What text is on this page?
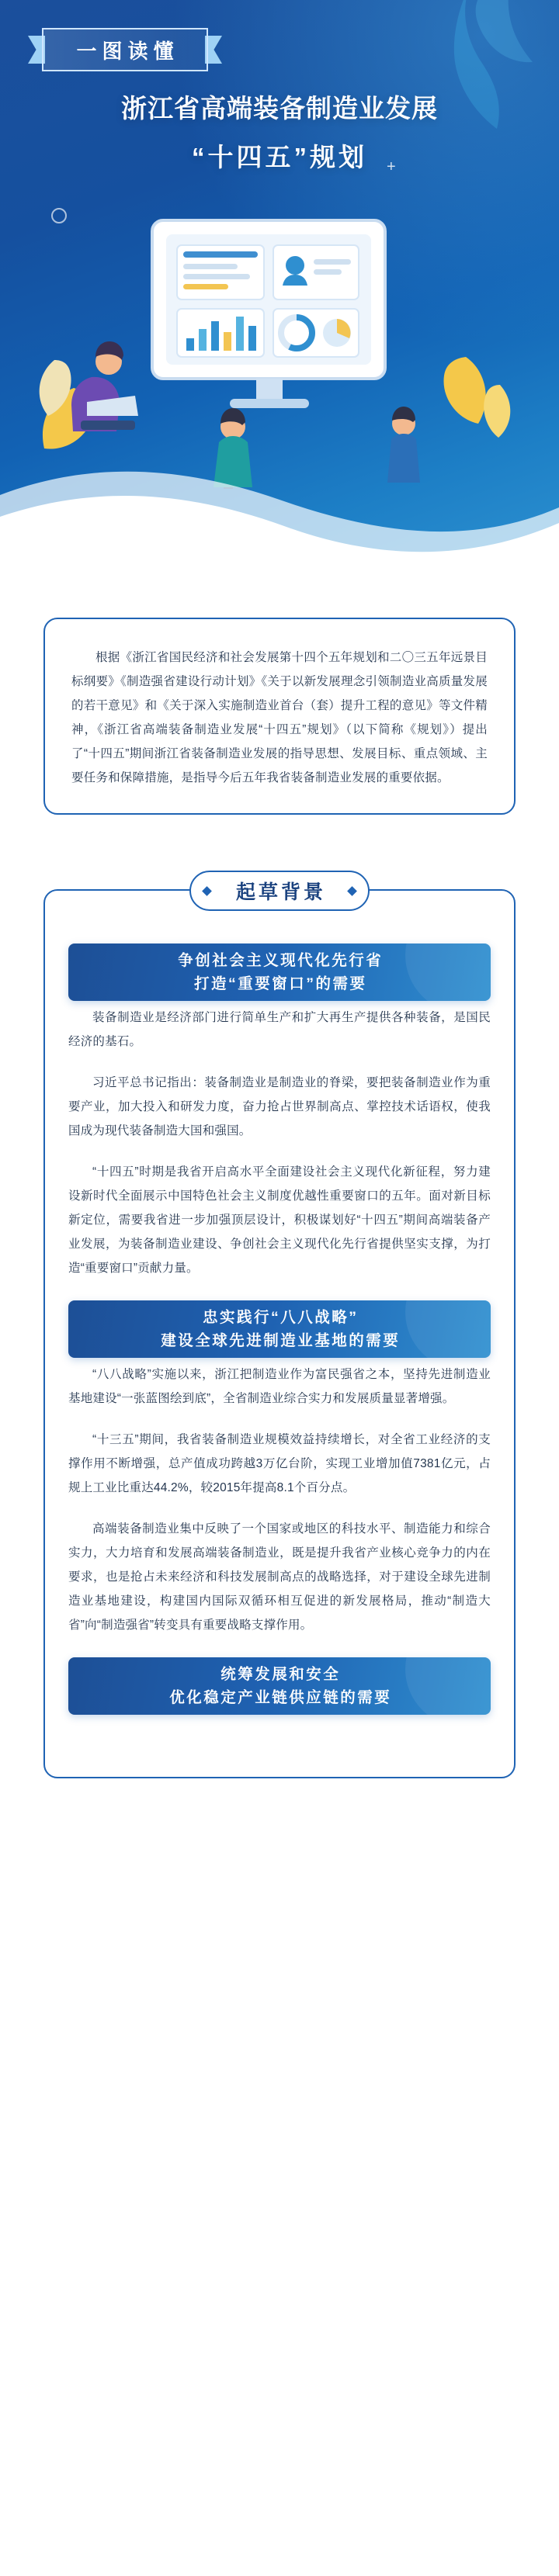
+
一图读懂
浙江省高端装备制造业发展
“十四五”规划

根据《浙江省国民经济和社会发展第十四个五年规划和二〇三五年远景目标纲要》《制造强省建设行动计划》《关于以新发展理念引领制造业高质量发展的若干意见》和《关于深入实施制造业首台（套）提升工程的意见》等文件精神，《浙江省高端装备制造业发展“十四五”规划》（以下简称《规划》）提出了“十四五”期间浙江省装备制造业发展的指导思想、发展目标、重点领域、主要任务和保障措施，是指导今后五年我省装备制造业发展的重要依据。

起草背景
争创社会主义现代化先行省
打造“重要窗口”的需要

装备制造业是经济部门进行简单生产和扩大再生产提供各种装备，是国民经济的基石。

习近平总书记指出：装备制造业是制造业的脊梁，要把装备制造业作为重要产业，加大投入和研发力度，奋力抢占世界制高点、掌控技术话语权，使我国成为现代装备制造大国和强国。

“十四五”时期是我省开启高水平全面建设社会主义现代化新征程，努力建设新时代全面展示中国特色社会主义制度优越性重要窗口的五年。面对新目标新定位，需要我省进一步加强顶层设计，积极谋划好“十四五”期间高端装备产业发展，为装备制造业建设、争创社会主义现代化先行省提供坚实支撑，为打造“重要窗口”贡献力量。

忠实践行“八八战略”
建设全球先进制造业基地的需要

“八八战略”实施以来，浙江把制造业作为富民强省之本，坚持先进制造业基地建设“一张蓝图绘到底”，全省制造业综合实力和发展质量显著增强。

“十三五”期间，我省装备制造业规模效益持续增长，对全省工业经济的支撑作用不断增强，总产值成功跨越3万亿台阶，实现工业增加值7381亿元，占规上工业比重达44.2%，较2015年提高8.1个百分点。

高端装备制造业集中反映了一个国家或地区的科技水平、制造能力和综合实力，大力培育和发展高端装备制造业，既是提升我省产业核心竞争力的内在要求，也是抢占未来经济和科技发展制高点的战略选择，对于建设全球先进制造业基地建设，构建国内国际双循环相互促进的新发展格局，推动“制造大省”向“制造强省”转变具有重要战略支撑作用。

统筹发展和安全
优化稳定产业链供应链的需要
